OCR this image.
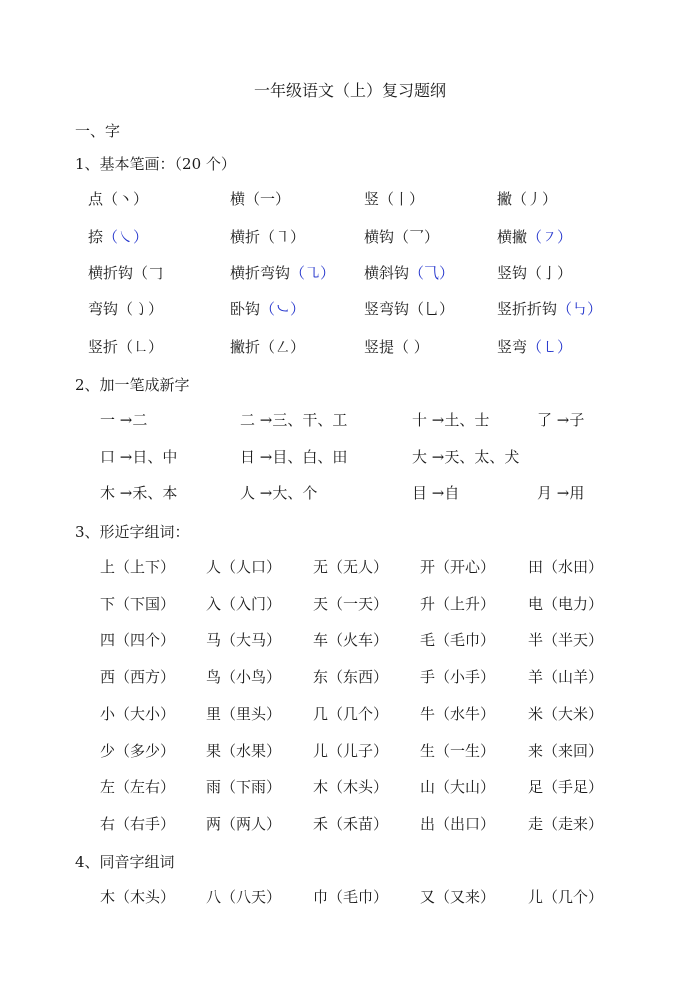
一年级语文（上）复习题纲
一、字
1、基本笔画：（20 个）
点（丶）	横（一）	竖（丨）	撇（丿）
捺（㇏）	横折（㇕）	横钩（乛）	横撇（㇇）
横折钩（𠃌	横折弯钩（㇈） 横斜钩（⺄）	竖钩（亅）
弯钩（㇁）	卧钩（㇃）	竖弯钩（乚）	竖折折钩（㇉）
竖折（㇗）	撇折（㇜）	竖提（ ）	竖弯（㇄）
2、加一笔成新字
一 →二	二 →三、干、工	十 →土、士	了 →子
口 →日、中	日 →目、白、田	大 →天、太、犬
木 →禾、本	人 →大、个	目 →自	月 →用
3、形近字组词：
上（上下） 人（人口） 无（无人） 开（开心） 田（水田）
下（下国） 入（入门） 天（一天） 升（上升） 电（电力）
四（四个） 马（大马） 车（火车） 毛（毛巾） 半（半天）
西（西方） 鸟（小鸟） 东（东西） 手（小手） 羊（山羊）
小（大小） 里（里头） 几（几个） 牛（水牛） 米（大米）
少（多少） 果（水果） 儿（儿子） 生（一生） 来（来回）
左（左右） 雨（下雨） 木（木头） 山（大山） 足（手足）
右（右手） 两（两人） 禾（禾苗） 出（出口） 走（走来）
4、同音字组词
木（木头） 八（八天） 巾（毛巾） 又（又来） 儿（几个）
